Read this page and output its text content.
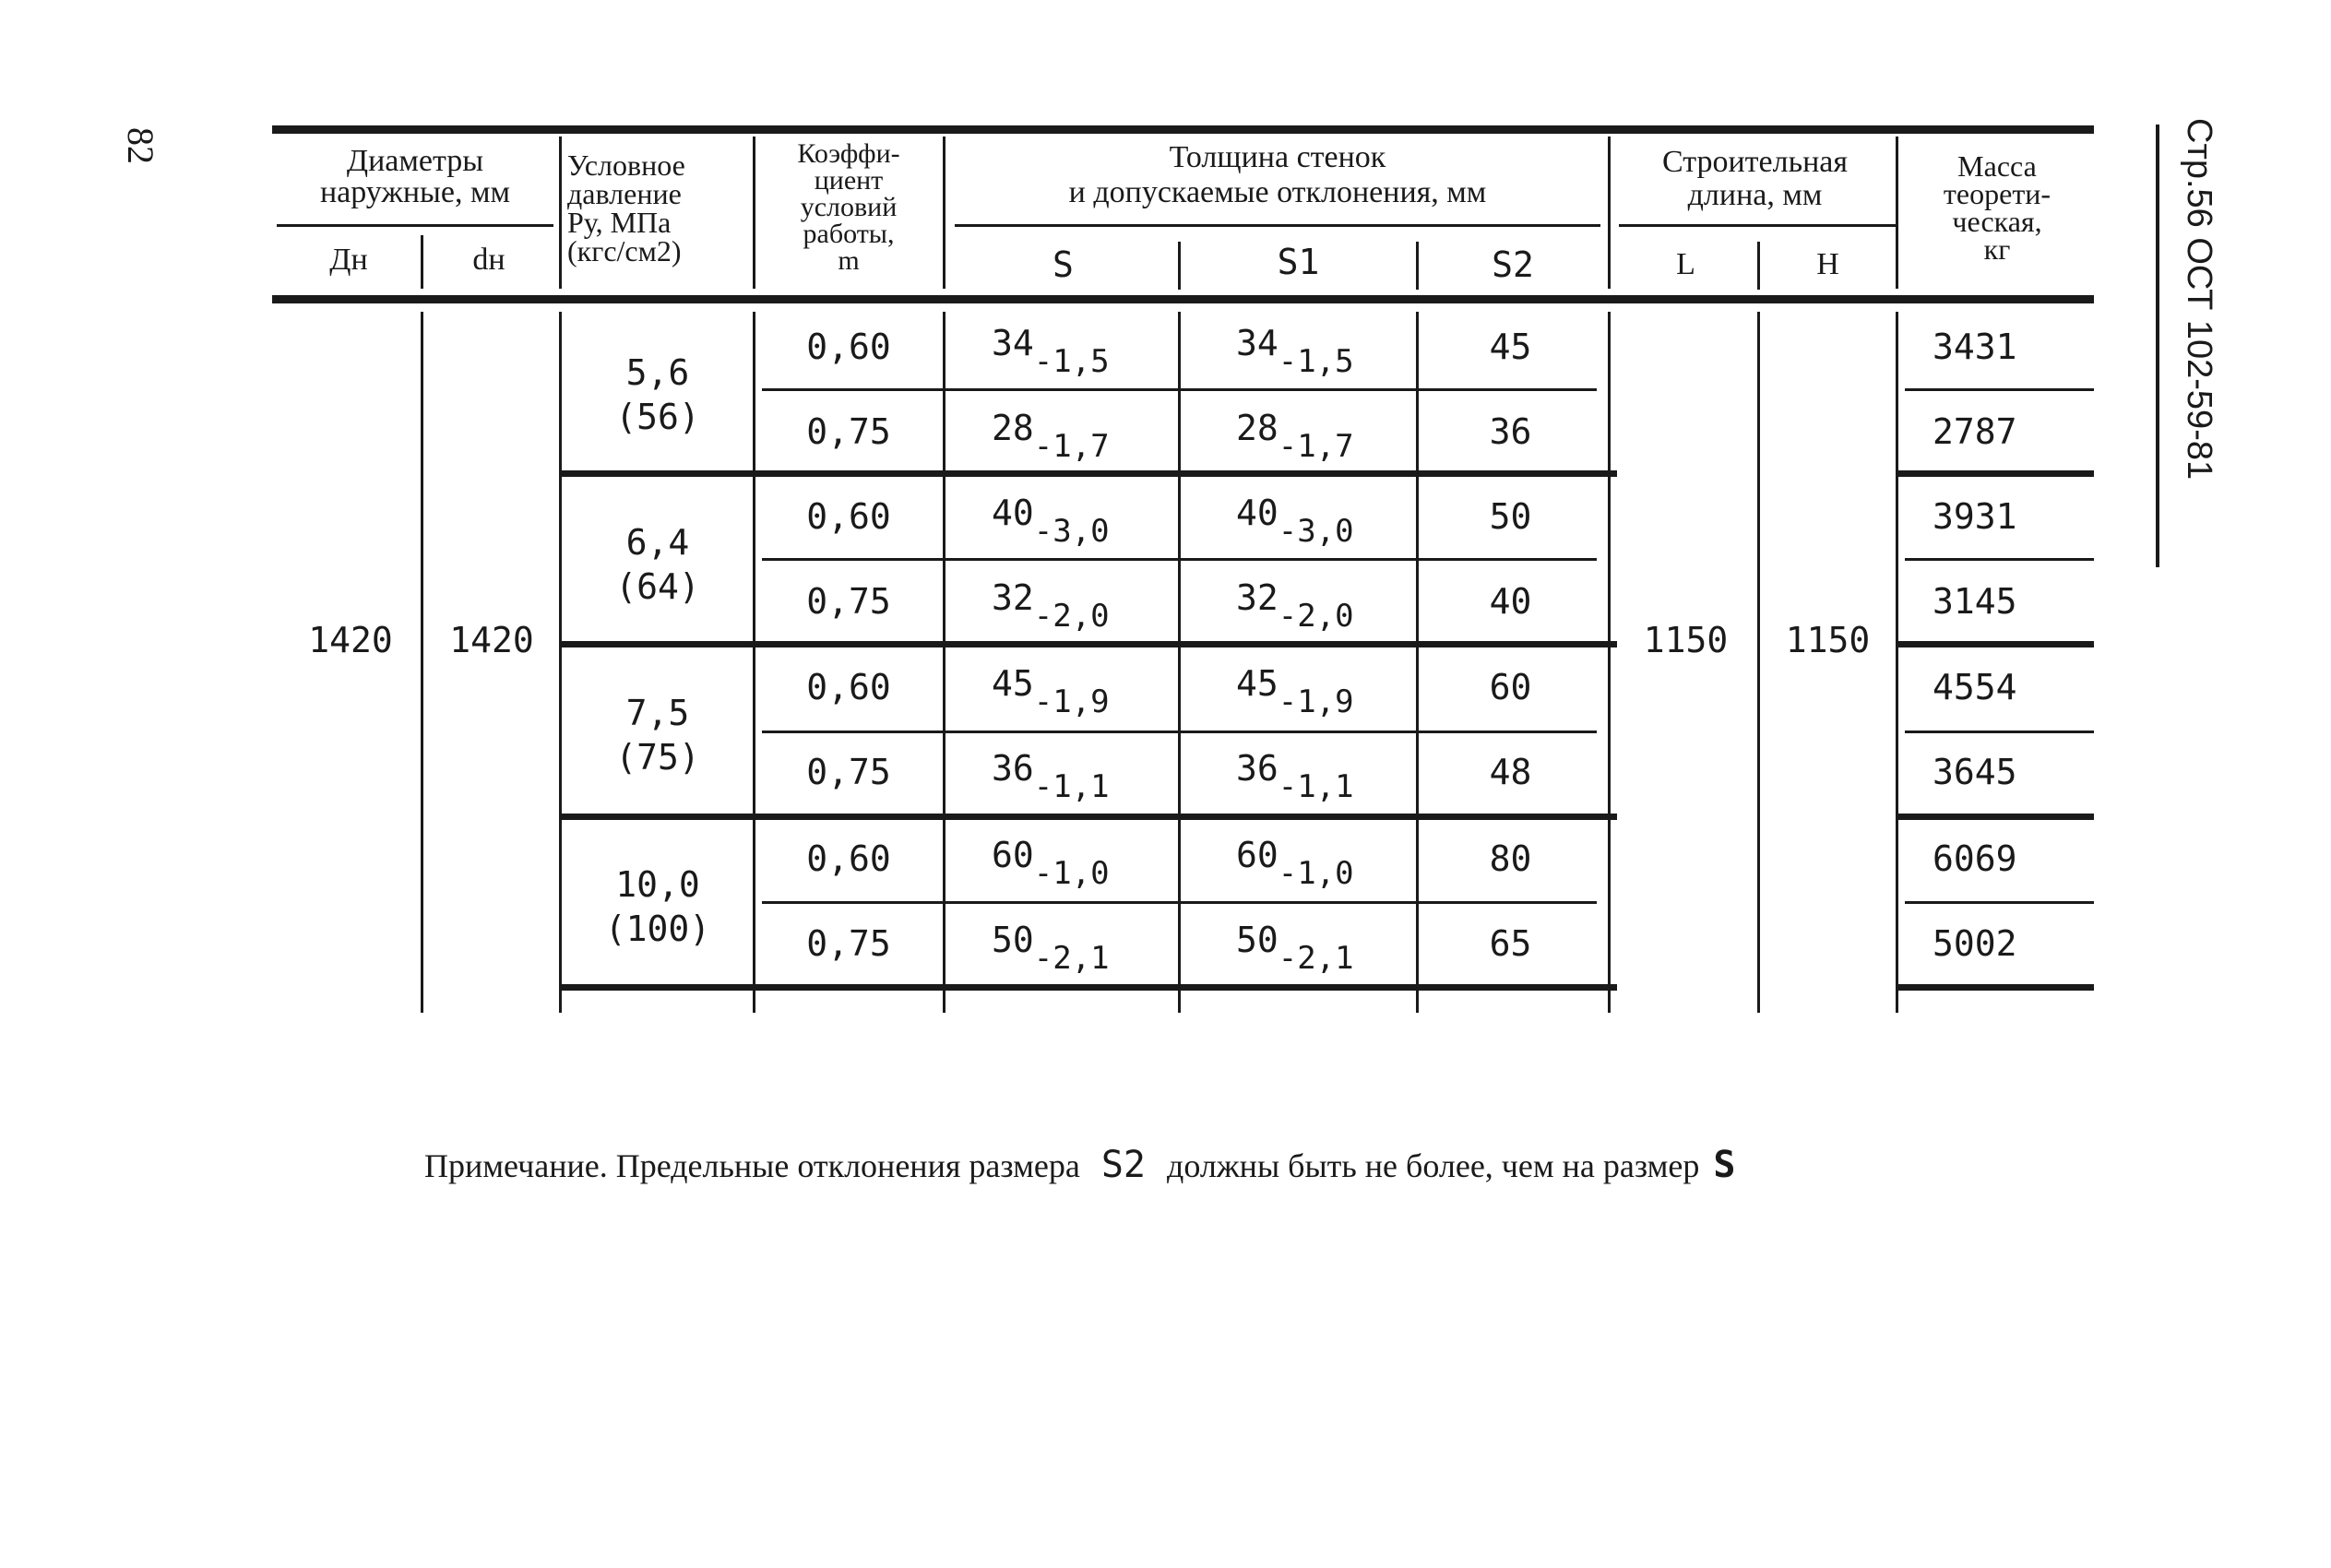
82	Стр.56 ОСТ 102-59-81
Диаметры
наружные, мм
Дн	dн
Условное
давление
Pу, МПа
(кгс/см2)
Коэффи-
циент
условий
работы,
m
Толщина стенок
и допускаемые отклонения, мм
S	S1	S2
Строительная
длина, мм
L	H
Масса
теорети-
ческая,
кг
1420	1420	1150	1150
5,6
(56)
0,60	34-1,5	34-1,5	45	3431
0,75	28-1,7	28-1,7	36	2787
6,4
(64)
0,60	40-3,0	40-3,0	50	3931
0,75	32-2,0	32-2,0	40	3145
7,5
(75)
0,60	45-1,9	45-1,9	60	4554
0,75	36-1,1	36-1,1	48	3645
10,0
(100)
0,60	60-1,0	60-1,0	80	6069
0,75	50-2,1	50-2,1	65	5002
Примечание. Предельные отклонения размера S2 должны быть не более, чем на размер S
